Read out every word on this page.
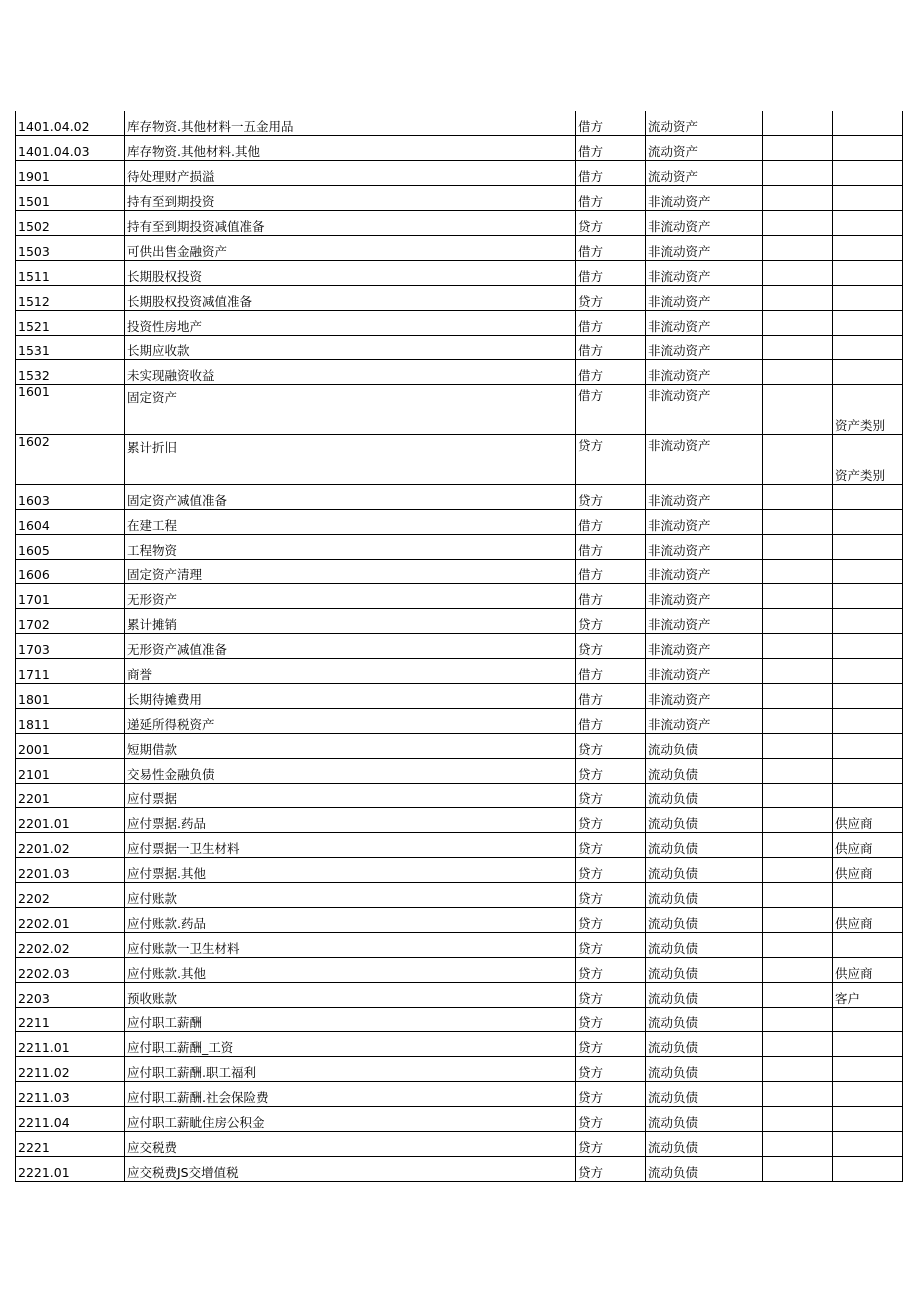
1401.04.02	库存物资.其他材料一五金用品	借方	流动资产		
1401.04.03	库存物资.其他材料.其他	借方	流动资产		
1901	待处理财产损溢	借方	流动资产		
1501	持有至到期投资	借方	非流动资产		
1502	持有至到期投资减值准备	贷方	非流动资产		
1503	可供出售金融资产	借方	非流动资产		
1511	长期股权投资	借方	非流动资产		
1512	长期股权投资减值准备	贷方	非流动资产		
1521	投资性房地产	借方	非流动资产		
1531	长期应收款	借方	非流动资产		
1532	未实现融资收益	借方	非流动资产		
1601	固定资产	借方	非流动资产		资产类别
1602	累计折旧	贷方	非流动资产		资产类别
1603	固定资产减值准备	贷方	非流动资产		
1604	在建工程	借方	非流动资产		
1605	工程物资	借方	非流动资产		
1606	固定资产清理	借方	非流动资产		
1701	无形资产	借方	非流动资产		
1702	累计摊销	贷方	非流动资产		
1703	无形资产减值准备	贷方	非流动资产		
1711	商誉	借方	非流动资产		
1801	长期待摊费用	借方	非流动资产		
1811	递延所得税资产	借方	非流动资产		
2001	短期借款	贷方	流动负债		
2101	交易性金融负债	贷方	流动负债		
2201	应付票据	贷方	流动负债		
2201.01	应付票据.药品	贷方	流动负债		供应商
2201.02	应付票据一卫生材料	贷方	流动负债		供应商
2201.03	应付票据.其他	贷方	流动负债		供应商
2202	应付账款	贷方	流动负债		
2202.01	应付账款.药品	贷方	流动负债		供应商
2202.02	应付账款一卫生材料	贷方	流动负债		
2202.03	应付账款.其他	贷方	流动负债		供应商
2203	预收账款	贷方	流动负债		客户
2211	应付职工薪酬	贷方	流动负债		
2211.01	应付职工薪酬_工资	贷方	流动负债		
2211.02	应付职工薪酬.职工福利	贷方	流动负债		
2211.03	应付职工薪酬.社会保险费	贷方	流动负债		
2211.04	应付职工薪眦住房公积金	贷方	流动负债		
2221	应交税费	贷方	流动负债		
2221.01	应交税费JS交增值税	贷方	流动负债		
